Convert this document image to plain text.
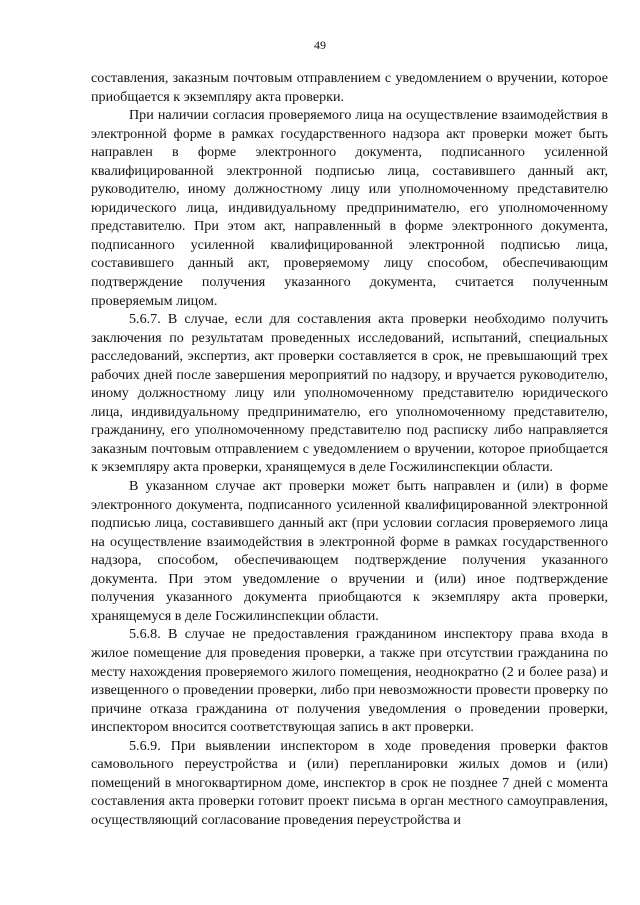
49

составления, заказным почтовым отправлением с уведомлением о вручении, которое приобщается к экземпляру акта проверки.

При наличии согласия проверяемого лица на осуществление взаимодействия в электронной форме в рамках государственного надзора акт проверки может быть направлен в форме электронного документа, подписанного усиленной квалифицированной электронной подписью лица, составившего данный акт, руководителю, иному должностному лицу или уполномоченному представителю юридического лица, индивидуальному предпринимателю, его уполномоченному представителю. При этом акт, направленный в форме электронного документа, подписанного усиленной квалифицированной электронной подписью лица, составившего данный акт, проверяемому лицу способом, обеспечивающим подтверждение получения указанного документа, считается полученным проверяемым лицом.

5.6.7. В случае, если для составления акта проверки необходимо получить заключения по результатам проведенных исследований, испытаний, специальных расследований, экспертиз, акт проверки составляется в срок, не превышающий трех рабочих дней после завершения мероприятий по надзору, и вручается руководителю, иному должностному лицу или уполномоченному представителю юридического лица, индивидуальному предпринимателю, его уполномоченному представителю, гражданину, его уполномоченному представителю под расписку либо направляется заказным почтовым отправлением с уведомлением о вручении, которое приобщается к экземпляру акта проверки, хранящемуся в деле Госжилинспекции области.

В указанном случае акт проверки может быть направлен и (или) в форме электронного документа, подписанного усиленной квалифицированной электронной подписью лица, составившего данный акт (при условии согласия проверяемого лица на осуществление взаимодействия в электронной форме в рамках государственного надзора, способом, обеспечивающем подтверждение получения указанного документа. При этом уведомление о вручении и (или) иное подтверждение получения указанного документа приобщаются к экземпляру акта проверки, хранящемуся в деле Госжилинспекции области.

5.6.8. В случае не предоставления гражданином инспектору права входа в жилое помещение для проведения проверки, а также при отсутствии гражданина по месту нахождения проверяемого жилого помещения, неоднократно (2 и более раза) и извещенного о проведении проверки, либо при невозможности провести проверку по причине отказа гражданина от получения уведомления о проведении проверки, инспектором вносится соответствующая запись в акт проверки.

5.6.9. При выявлении инспектором в ходе проведения проверки фактов самовольного переустройства и (или) перепланировки жилых домов и (или) помещений в многоквартирном доме, инспектор в срок не позднее 7 дней с момента составления акта проверки готовит проект письма в орган местного самоуправления, осуществляющий согласование проведения переустройства и
